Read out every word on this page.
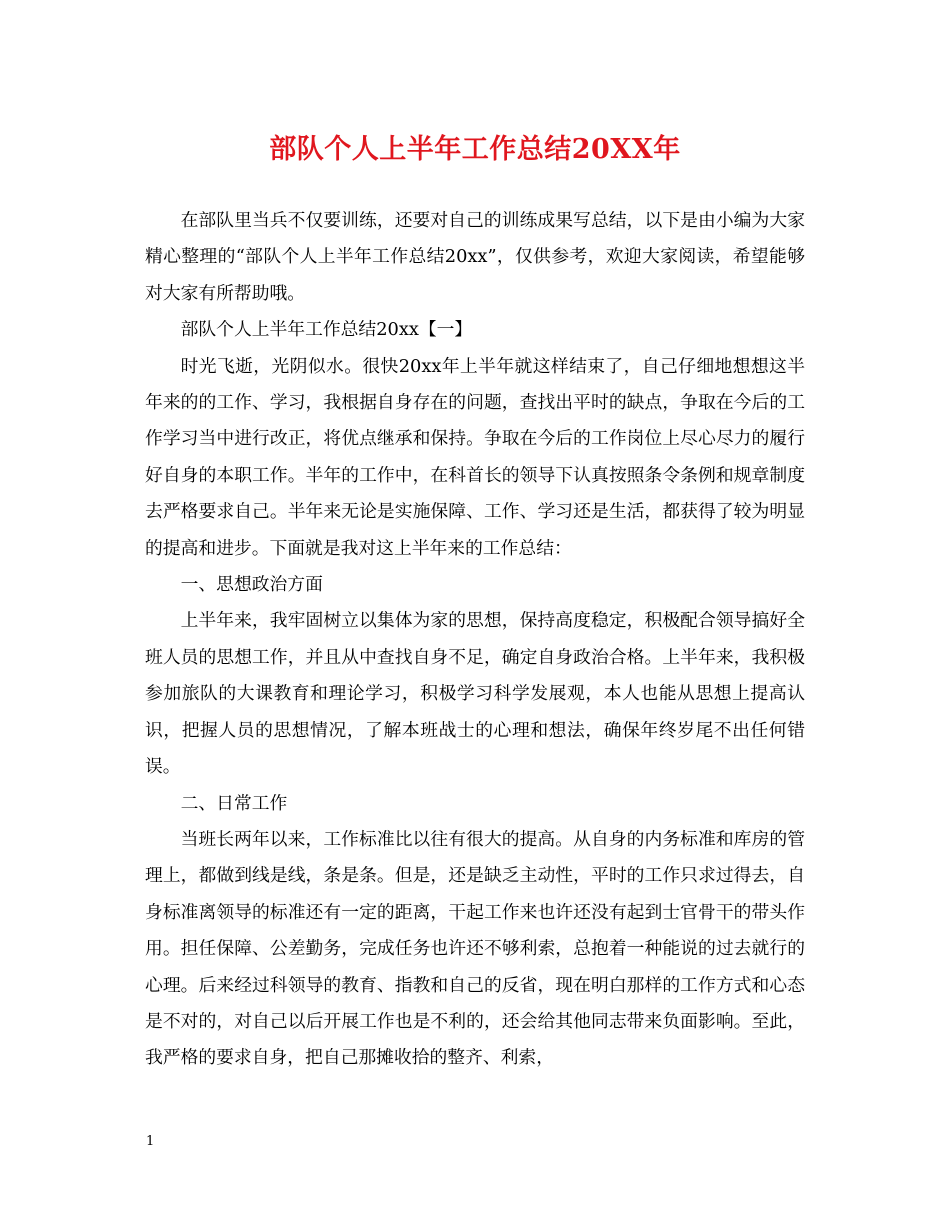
部队个人上半年工作总结20XX年

在部队里当兵不仅要训练，还要对自己的训练成果写总结，以下是由小编为大家精心整理的“部队个人上半年工作总结20xx”，仅供参考，欢迎大家阅读，希望能够对大家有所帮助哦。

部队个人上半年工作总结20xx【一】

时光飞逝，光阴似水。很快20xx年上半年就这样结束了，自己仔细地想想这半年来的的工作、学习，我根据自身存在的问题，查找出平时的缺点，争取在今后的工作学习当中进行改正，将优点继承和保持。争取在今后的工作岗位上尽心尽力的履行好自身的本职工作。半年的工作中，在科首长的领导下认真按照条令条例和规章制度去严格要求自己。半年来无论是实施保障、工作、学习还是生活，都获得了较为明显的提高和进步。下面就是我对这上半年来的工作总结：

一、思想政治方面

上半年来，我牢固树立以集体为家的思想，保持高度稳定，积极配合领导搞好全班人员的思想工作，并且从中查找自身不足，确定自身政治合格。上半年来，我积极参加旅队的大课教育和理论学习，积极学习科学发展观，本人也能从思想上提高认识，把握人员的思想情况，了解本班战士的心理和想法，确保年终岁尾不出任何错误。

二、日常工作

当班长两年以来，工作标准比以往有很大的提高。从自身的内务标准和库房的管理上，都做到线是线，条是条。但是，还是缺乏主动性，平时的工作只求过得去，自身标准离领导的标准还有一定的距离，干起工作来也许还没有起到士官骨干的带头作用。担任保障、公差勤务，完成任务也许还不够利索，总抱着一种能说的过去就行的心理。后来经过科领导的教育、指教和自己的反省，现在明白那样的工作方式和心态是不对的，对自己以后开展工作也是不利的，还会给其他同志带来负面影响。至此，我严格的要求自身，把自己那摊收拾的整齐、利索，

1
